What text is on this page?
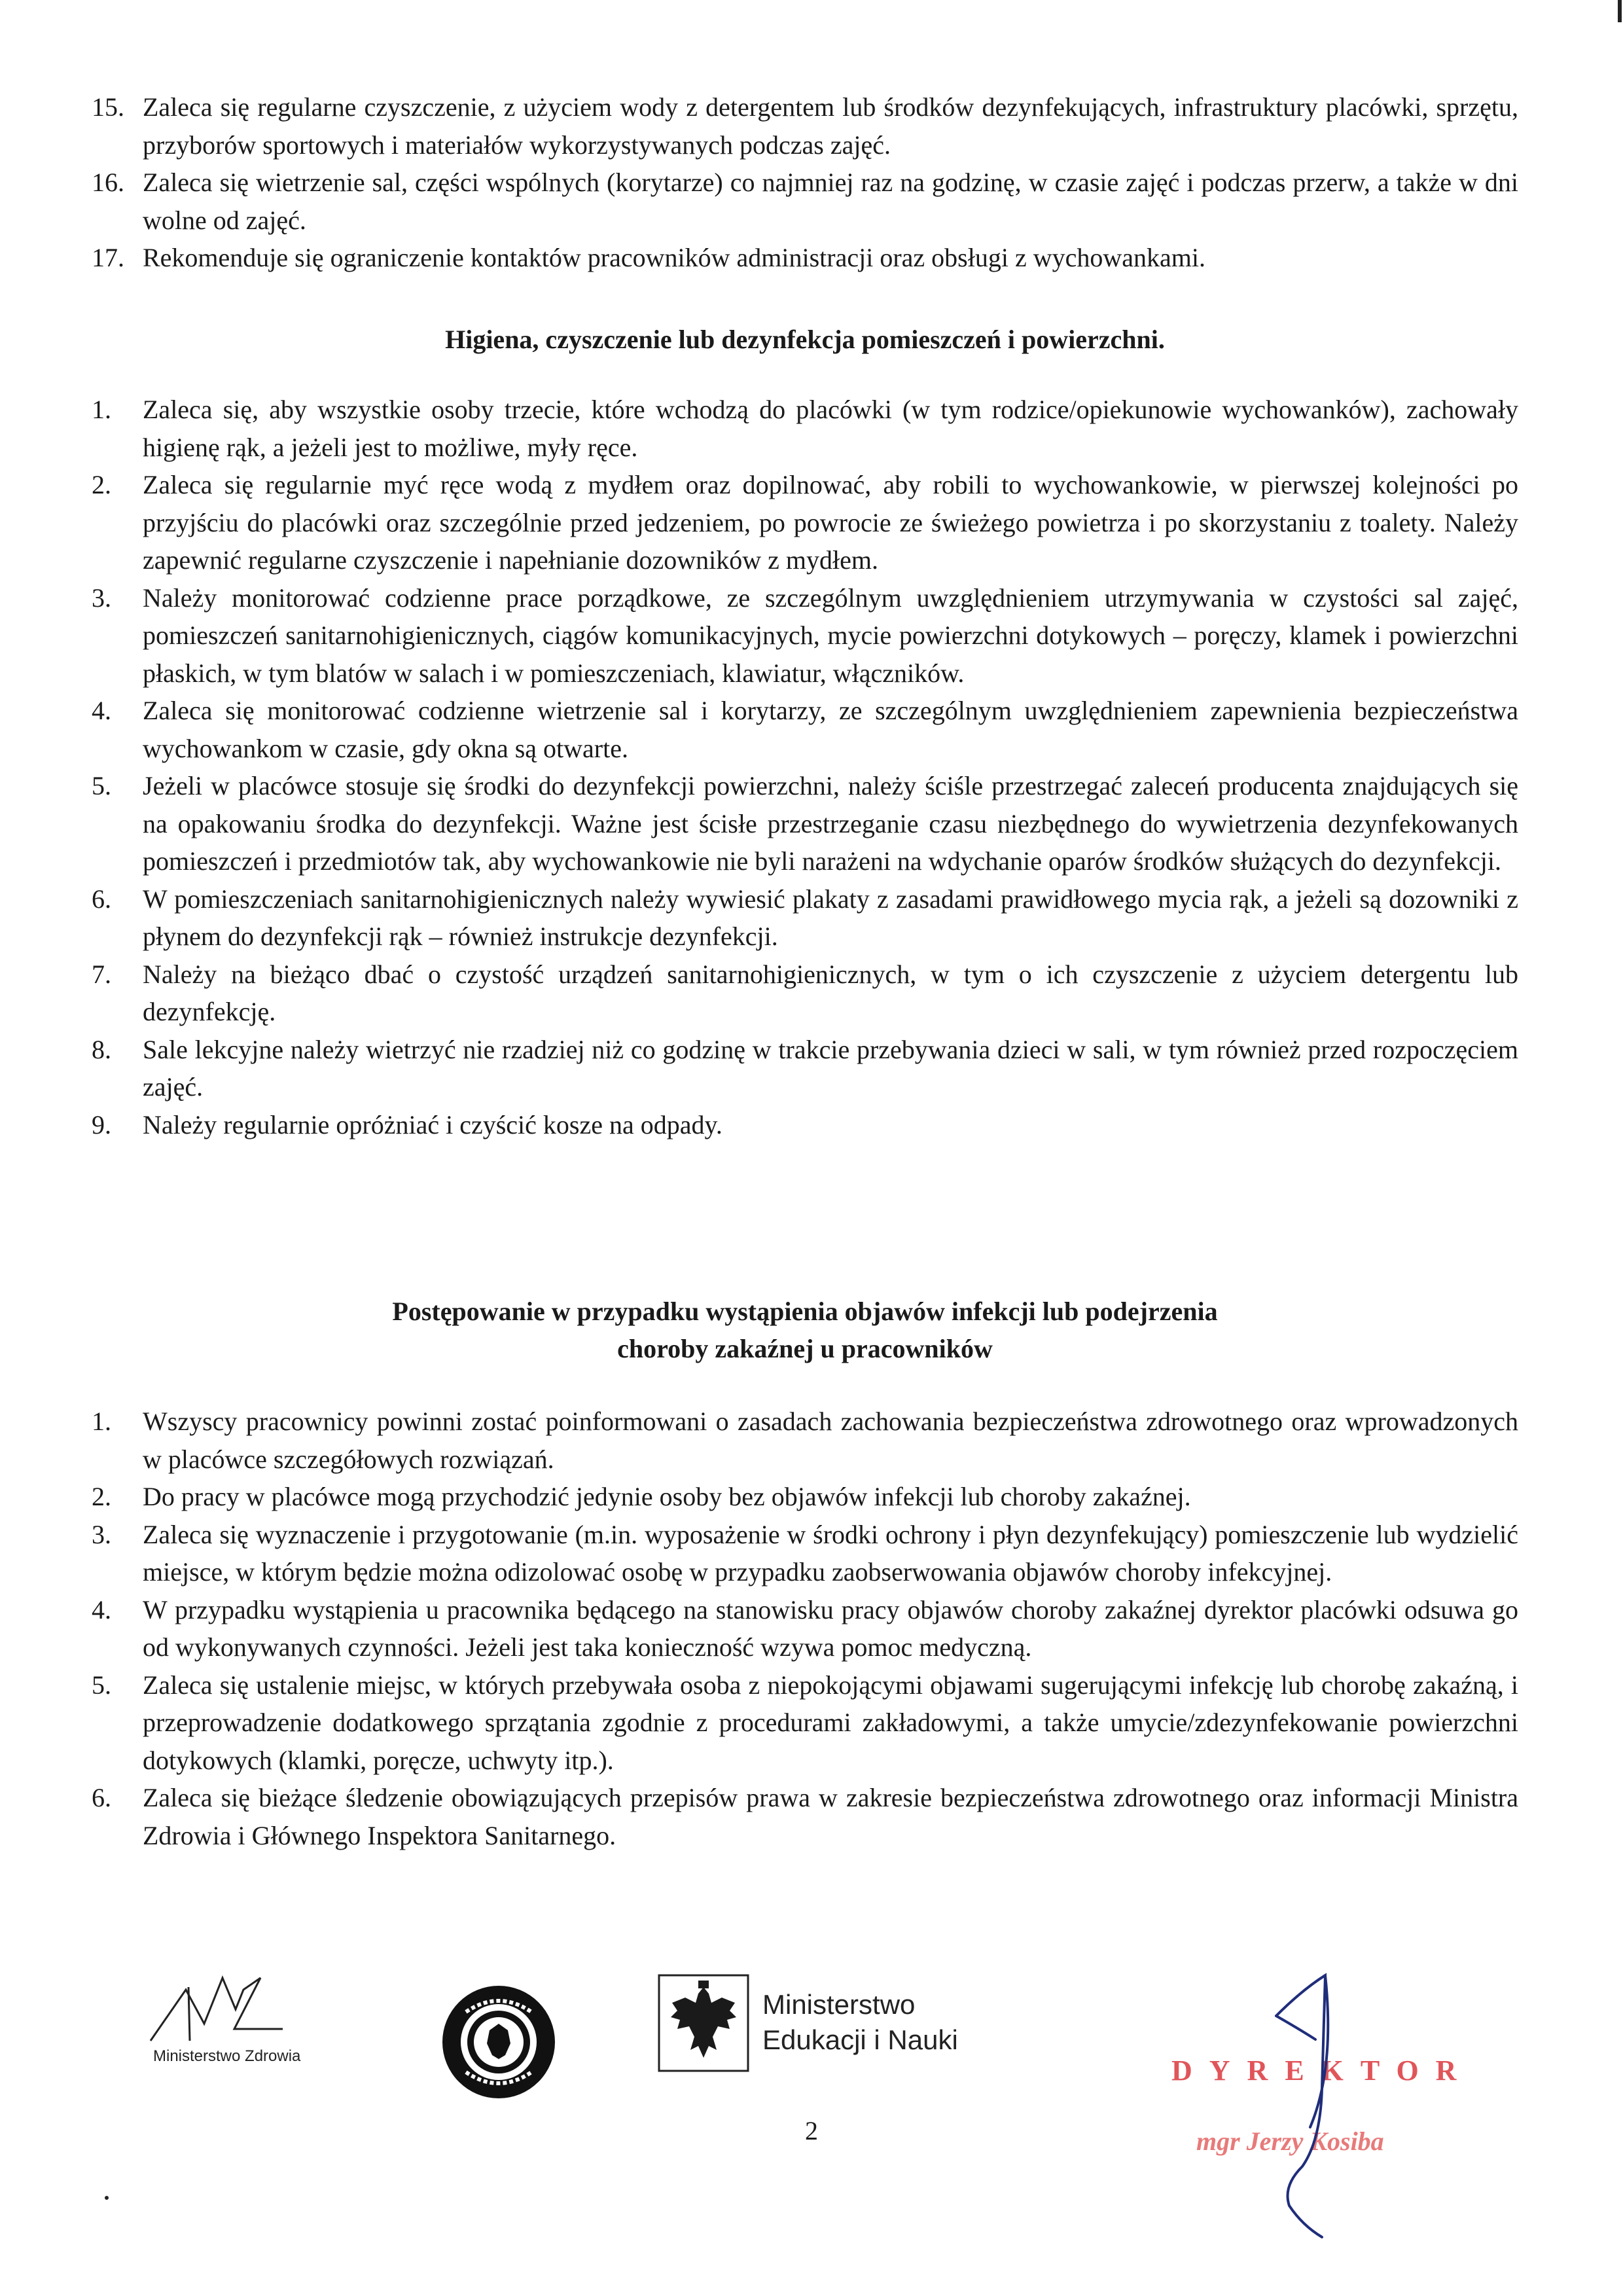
15. Zaleca się regularne czyszczenie, z użyciem wody z detergentem lub środków dezynfekujących, infrastruktury placówki, sprzętu, przyborów sportowych i materiałów wykorzystywanych podczas zajęć.
16. Zaleca się wietrzenie sal, części wspólnych (korytarze) co najmniej raz na godzinę, w czasie zajęć i podczas przerw, a także w dni wolne od zajęć.
17. Rekomenduje się ograniczenie kontaktów pracowników administracji oraz obsługi z wychowankami.
Higiena, czyszczenie lub dezynfekcja pomieszczeń i powierzchni.
1.	Zaleca się, aby wszystkie osoby trzecie, które wchodzą do placówki (w tym rodzice/opiekunowie wychowanków), zachowały higienę rąk, a jeżeli jest to możliwe, myły ręce.
2.	Zaleca się regularnie myć ręce wodą z mydłem oraz dopilnować, aby robili to wychowankowie, w pierwszej kolejności po przyjściu do placówki oraz szczególnie przed jedzeniem, po powrocie ze świeżego powietrza i po skorzystaniu z toalety. Należy zapewnić regularne czyszczenie i napełnianie dozowników z mydłem.
3.	Należy monitorować codzienne prace porządkowe, ze szczególnym uwzględnieniem utrzymywania w czystości sal zajęć, pomieszczeń sanitarnohigienicznych, ciągów komunikacyjnych, mycie powierzchni dotykowych – poręczy, klamek i powierzchni płaskich, w tym blatów w salach i w pomieszczeniach, klawiatur, włączników.
4.	Zaleca się monitorować codzienne wietrzenie sal i korytarzy, ze szczególnym uwzględnieniem zapewnienia bezpieczeństwa wychowankom w czasie, gdy okna są otwarte.
5.	Jeżeli w placówce stosuje się środki do dezynfekcji powierzchni, należy ściśle przestrzegać zaleceń producenta znajdujących się na opakowaniu środka do dezynfekcji. Ważne jest ścisłe przestrzeganie czasu niezbędnego do wywietrzenia dezynfekowanych pomieszczeń i przedmiotów tak, aby wychowankowie nie byli narażeni na wdychanie oparów środków służących do dezynfekcji.
6.	W pomieszczeniach sanitarnohigienicznych należy wywiesić plakaty z zasadami prawidłowego mycia rąk, a jeżeli są dozowniki z płynem do dezynfekcji rąk – również instrukcje dezynfekcji.
7.	Należy na bieżąco dbać o czystość urządzeń sanitarnohigienicznych, w tym o ich czyszczenie z użyciem detergentu lub dezynfekcję.
8.	Sale lekcyjne należy wietrzyć nie rzadziej niż co godzinę w trakcie przebywania dzieci w sali, w tym również przed rozpoczęciem zajęć.
9.	Należy regularnie opróżniać i czyścić kosze na odpady.
Postępowanie w przypadku wystąpienia objawów infekcji lub podejrzenia
choroby zakaźnej u pracowników
1.	Wszyscy pracownicy powinni zostać poinformowani o zasadach zachowania bezpieczeństwa zdrowotnego oraz wprowadzonych w placówce szczegółowych rozwiązań.
2.	Do pracy w placówce mogą przychodzić jedynie osoby bez objawów infekcji lub choroby zakaźnej.
3.	Zaleca się wyznaczenie i przygotowanie (m.in. wyposażenie w środki ochrony i płyn dezynfekujący) pomieszczenie lub wydzielić miejsce, w którym będzie można odizolować osobę w przypadku zaobserwowania objawów choroby infekcyjnej.
4.	W przypadku wystąpienia u pracownika będącego na stanowisku pracy objawów choroby zakaźnej dyrektor placówki odsuwa go od wykonywanych czynności. Jeżeli jest taka konieczność wzywa pomoc medyczną.
5.	Zaleca się ustalenie miejsc, w których przebywała osoba z niepokojącymi objawami sugerującymi infekcję lub chorobę zakaźną, i przeprowadzenie dodatkowego sprzątania zgodnie z procedurami zakładowymi, a także umycie/zdezynfekowanie powierzchni dotykowych (klamki, poręcze, uchwyty itp.).
6.	Zaleca się bieżące śledzenie obowiązujących przepisów prawa w zakresie bezpieczeństwa zdrowotnego oraz informacji Ministra Zdrowia i Głównego Inspektora Sanitarnego.
Ministerstwo Zdrowia
Ministerstwo
Edukacji i Nauki
2
DYREKTOR
mgr Jerzy Kosiba
